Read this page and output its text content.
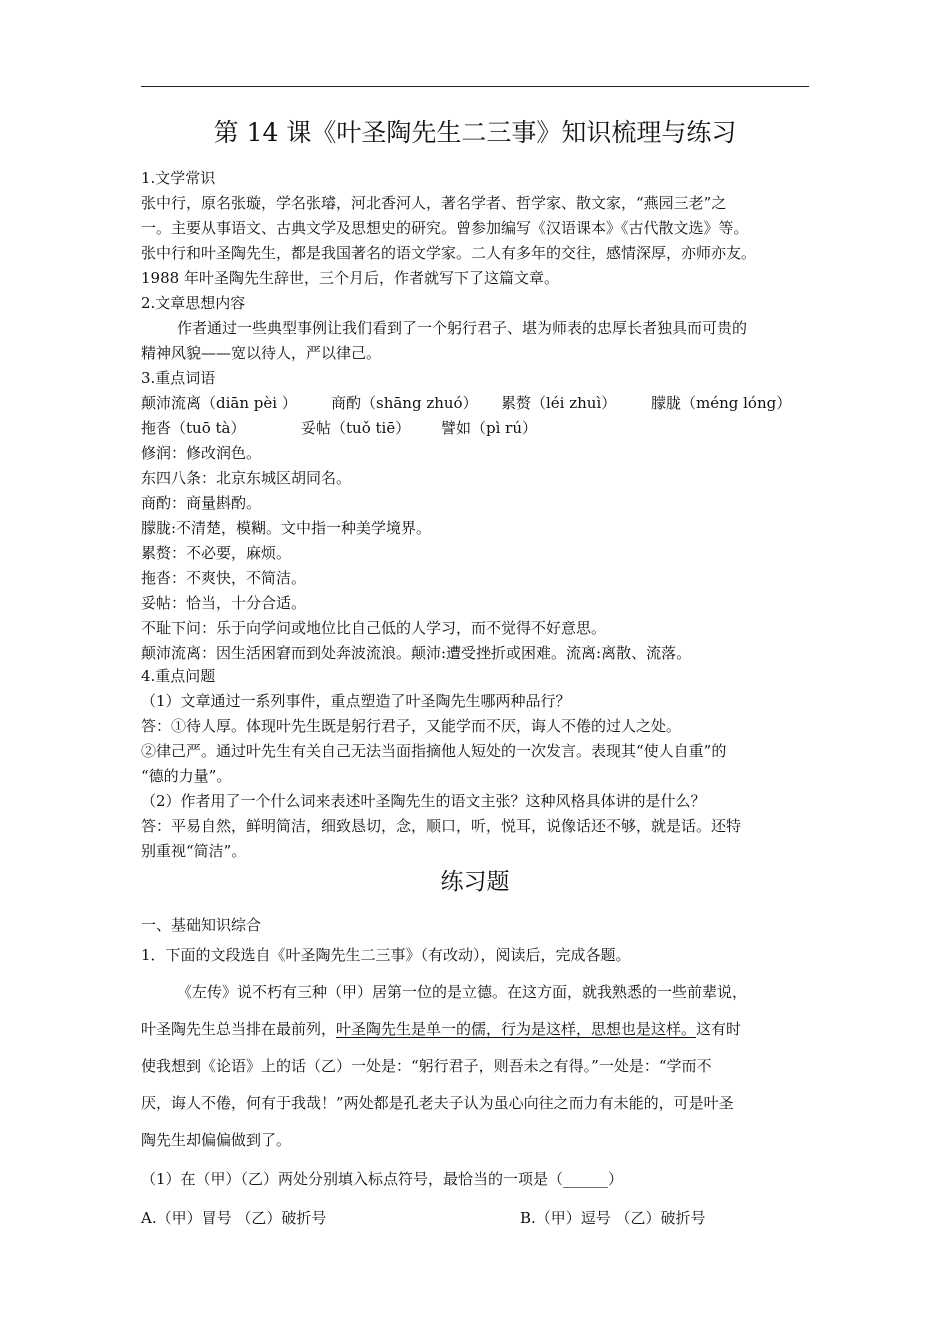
第 14 课《叶圣陶先生二三事》知识梳理与练习
1.文学常识
张中行，原名张璇，学名张璿，河北香河人，著名学者、哲学家、散文家，“燕园三老”之
一。主要从事语文、古典文学及思想史的研究。曾参加编写《汉语课本》《古代散文选》等。
张中行和叶圣陶先生，都是我国著名的语文学家。二人有多年的交往，感情深厚，亦师亦友。
1988 年叶圣陶先生辞世，三个月后，作者就写下了这篇文章。
2.文章思想内容
作者通过一些典型事例让我们看到了一个躬行君子、堪为师表的忠厚长者独具而可贵的
精神风貌——宽以待人，严以律己。
3.重点词语
颠沛流离（diān pèi ） 商酌（shāng zhuó） 累赘（léi zhuì） 朦胧（méng lóng）
拖沓（tuō tà）	妥帖（tuǒ tiē） 譬如（pì rú）
修润：修改润色。
东四八条：北京东城区胡同名。
商酌：商量斟酌。
朦胧:不清楚，模糊。文中指一种美学境界。
累赘：不必要，麻烦。
拖沓：不爽快，不简洁。
妥帖：恰当，十分合适。
不耻下问：乐于向学问或地位比自己低的人学习，而不觉得不好意思。
颠沛流离：因生活困窘而到处奔波流浪。颠沛:遭受挫折或困难。流离:离散、流落。
4.重点问题
（1）文章通过一系列事件，重点塑造了叶圣陶先生哪两种品行？
答：①待人厚。体现叶先生既是躬行君子，又能学而不厌，诲人不倦的过人之处。
②律己严。通过叶先生有关自己无法当面指摘他人短处的一次发言。表现其“使人自重”的
“德的力量”。
（2）作者用了一个什么词来表述叶圣陶先生的语文主张？这种风格具体讲的是什么？
答：平易自然，鲜明简洁，细致恳切，念，顺口，听，悦耳，说像话还不够，就是话。还特
别重视“简洁”。
练习题
一、基础知识综合
1．下面的文段选自《叶圣陶先生二三事》（有改动），阅读后，完成各题。
《左传》说不朽有三种（甲）居第一位的是立德。在这方面，就我熟悉的一些前辈说，
叶圣陶先生总当排在最前列，叶圣陶先生是单一的儒，行为是这样，思想也是这样。这有时
使我想到《论语》上的话（乙）一处是：“躬行君子，则吾未之有得。”一处是：“学而不
厌，诲人不倦，何有于我哉！”两处都是孔老夫子认为虽心向往之而力有未能的，可是叶圣
陶先生却偏偏做到了。
（1）在（甲）（乙）两处分别填入标点符号，最恰当的一项是（______）
A.（甲）冒号 （乙）破折号	B.（甲）逗号 （乙）破折号
